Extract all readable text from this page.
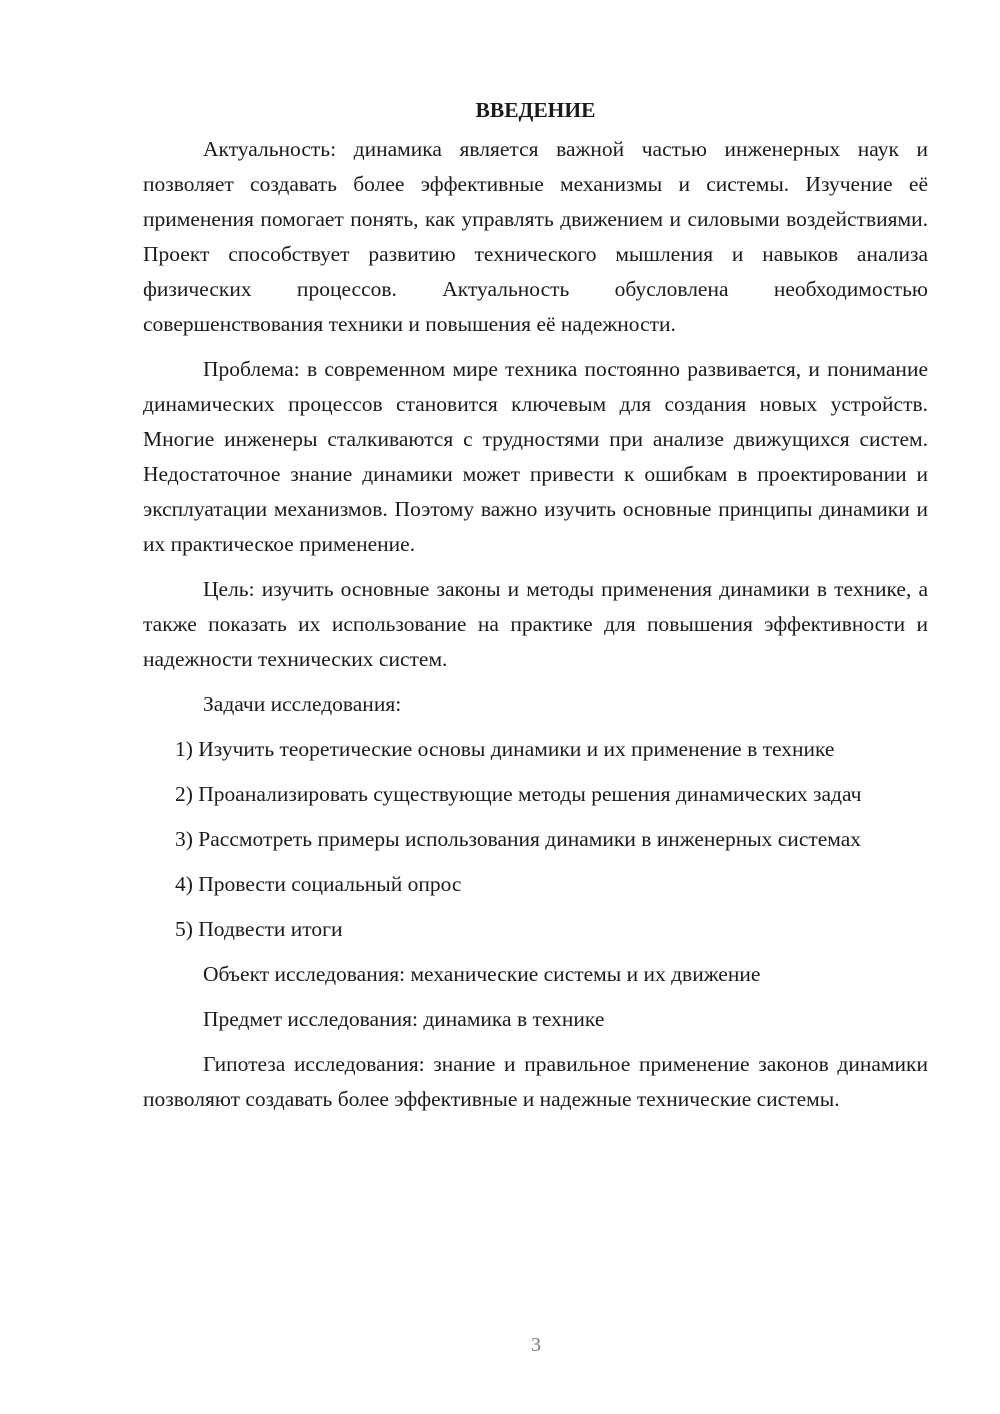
ВВЕДЕНИЕ

Актуальность: динамика является важной частью инженерных наук и позволяет создавать более эффективные механизмы и системы. Изучение её применения помогает понять, как управлять движением и силовыми воздействиями. Проект способствует развитию технического мышления и навыков анализа физических процессов. Актуальность обусловлена необходимостью совершенствования техники и повышения её надежности.

Проблема: в современном мире техника постоянно развивается, и понимание динамических процессов становится ключевым для создания новых устройств. Многие инженеры сталкиваются с трудностями при анализе движущихся систем. Недостаточное знание динамики может привести к ошибкам в проектировании и эксплуатации механизмов. Поэтому важно изучить основные принципы динамики и их практическое применение.

Цель: изучить основные законы и методы применения динамики в технике, а также показать их использование на практике для повышения эффективности и надежности технических систем.

Задачи исследования:

1) Изучить теоретические основы динамики и их применение в технике

2) Проанализировать существующие методы решения динамических задач

3) Рассмотреть примеры использования динамики в инженерных системах

4) Провести социальный опрос

5) Подвести итоги

Объект исследования: механические системы и их движение

Предмет исследования: динамика в технике

Гипотеза исследования: знание и правильное применение законов динамики позволяют создавать более эффективные и надежные технические системы.

3
